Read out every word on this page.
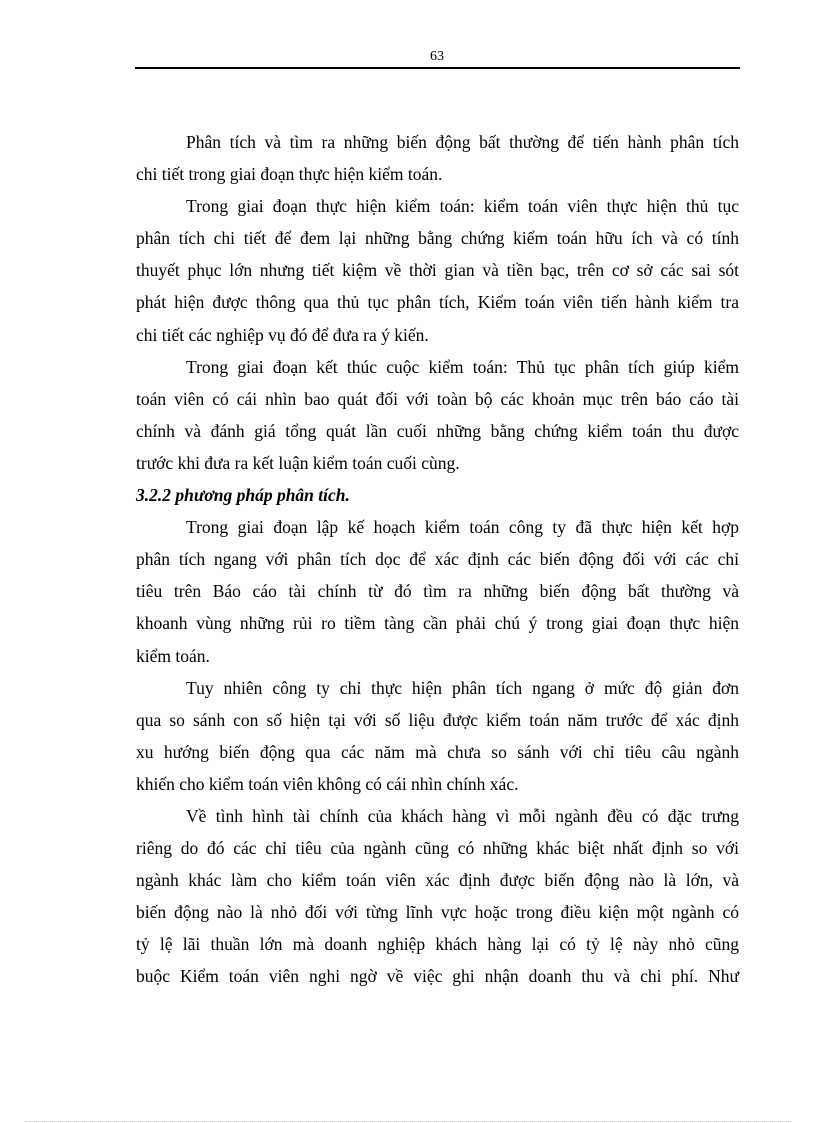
63
Phân tích và tìm ra những biến động bất thường để tiến hành phân tích
chi tiết trong giai đoạn thực hiện kiểm toán.
Trong giai đoạn thực hiện kiểm toán: kiểm toán viên thực hiện thủ tục
phân tích chi tiết để đem lại những bằng chứng kiểm toán hữu ích và có tính
thuyết phục lớn nhưng tiết kiệm về thời gian và tiền bạc, trên cơ sở các sai sót
phát hiện được thông qua thủ tục phân tích, Kiểm toán viên tiến hành kiểm tra
chi tiết các nghiệp vụ đó để đưa ra ý kiến.
Trong giai đoạn kết thúc cuộc kiểm toán: Thủ tục phân tích giúp kiểm
toán viên có cái nhìn bao quát đối với toàn bộ các khoản mục trên báo cáo tài
chính và đánh giá tổng quát lần cuối những bằng chứng kiểm toán thu được
trước khi đưa ra kết luận kiểm toán cuối cùng.
3.2.2 phương pháp phân tích.
Trong giai đoạn lập kế hoạch kiểm toán công ty đã thực hiện kết hợp
phân tích ngang với phân tích dọc để xác định các biến động đối với các chỉ
tiêu trên Báo cáo tài chính từ đó tìm ra những biến động bất thường và
khoanh vùng những rủi ro tiềm tàng cần phải chú ý trong giai đoạn thực hiện
kiểm toán.
Tuy nhiên công ty chỉ thực hiện phân tích ngang ở mức độ giản đơn
qua so sánh con số hiện tại với số liệu được kiểm toán năm trước để xác định
xu hướng biến động qua các năm mà chưa so sánh với chỉ tiêu câu ngành
khiến cho kiểm toán viên không có cái nhìn chính xác.
Về tình hình tài chính của khách hàng vì mỗi ngành đều có đặc trưng
riêng do đó các chỉ tiêu của ngành cũng có những khác biệt nhất định so với
ngành khác làm cho kiểm toán viên xác định được biến động nào là lớn, và
biến động nào là nhỏ đối với từng lĩnh vực hoặc trong điều kiện một ngành có
tỷ lệ lãi thuần lớn mà doanh nghiệp khách hàng lại có tỷ lệ này nhỏ cũng
buộc Kiểm toán viên nghi ngờ về việc ghi nhận doanh thu và chi phí. Như
